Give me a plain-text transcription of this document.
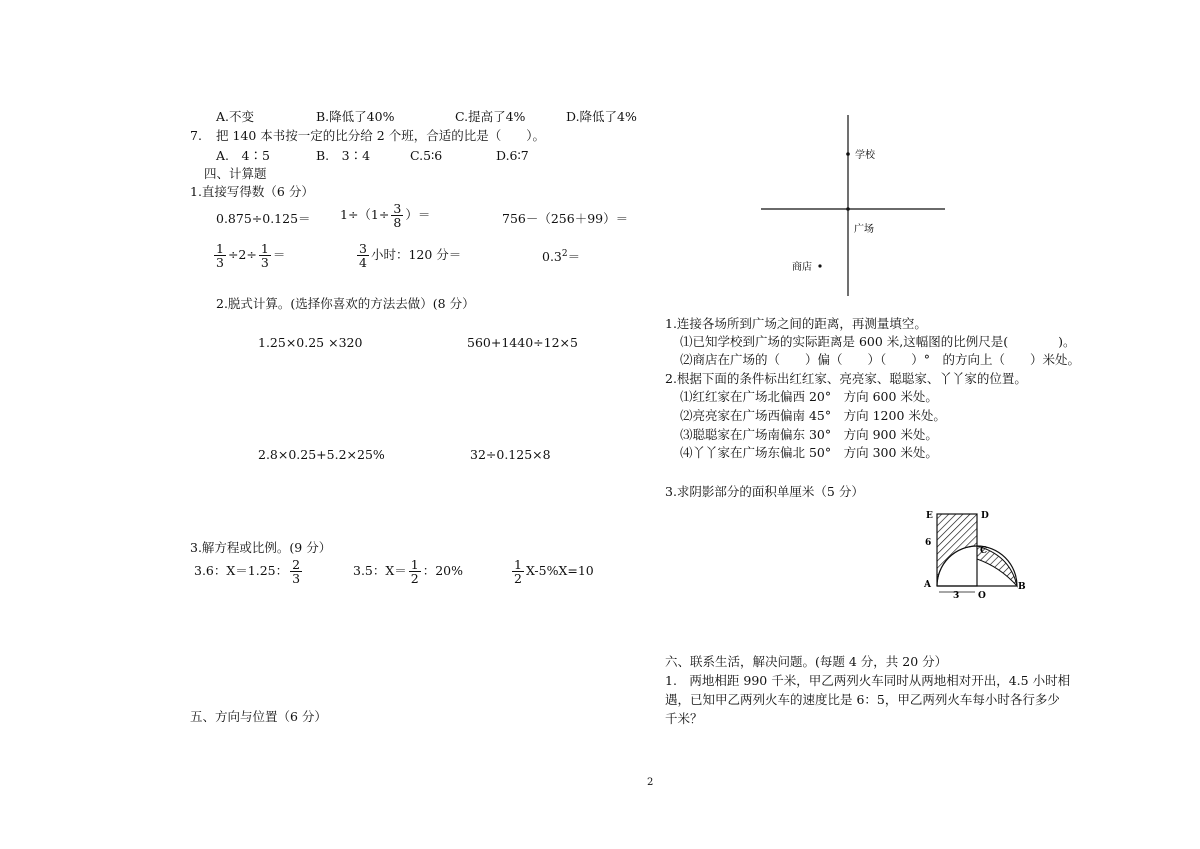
A.不变	B.降低了40%	C.提高了4%	D.降低了4%
7. 把 140 本书按一定的比分给 2 个班，合适的比是（　　）。
A.　4∶5	B.　3∶4	C.5∶6	D.6∶7
四、计算题
1.直接写得数（6 分）
$0.875\div 0.125= 1\div(1\div \frac{3}{8}$ ）＝	756－（256＋99）＝
$\frac{1}{3} \div 2\div \frac{1}{3}$ ＝	$\frac{3}{4}$ 小时：120 分＝	$0.3^2=$
2.脱式计算。(选择你喜欢的方法去做）(8 分）
1.25×0.25 ×320	560+1440÷12×5
2.8×0.25+5.2×25%	32÷0.125×8
3.解方程或比例。(9 分）
3.6：X＝1.25： $\frac{2}{3}$	3.5：$X= \frac{1}{2}$ ：20%	$\frac{1}{2} X-5\%X=10$
五、方向与位置（6 分）
学校
广场
商店
1.连接各场所到广场之间的距离，再测量填空。
⑴已知学校到广场的实际距离是 600 米,这幅图的比例尺是(　　　　)。
⑵商店在广场的（　　）偏（　　）（　　）°　的方向上（　　）米处。
2.根据下面的条件标出红红家、亮亮家、聪聪家、丫丫家的位置。
⑴红红家在广场北偏西 20°　方向 600 米处。
⑵亮亮家在广场西偏南 45°　方向 1200 米处。
⑶聪聪家在广场南偏东 30°　方向 900 米处。
⑷丫丫家在广场东偏北 50°　方向 300 米处。
3.求阴影部分的面积单厘米（5 分）
E	D
C
A	B
O
6
3
六、联系生活，解决问题。(每题 4 分，共 20 分）
1.　两地相距 990 千米，甲乙两列火车同时从两地相对开出，4.5 小时相
遇，已知甲乙两列火车的速度比是 6：5，甲乙两列火车每小时各行多少
千米？
2
